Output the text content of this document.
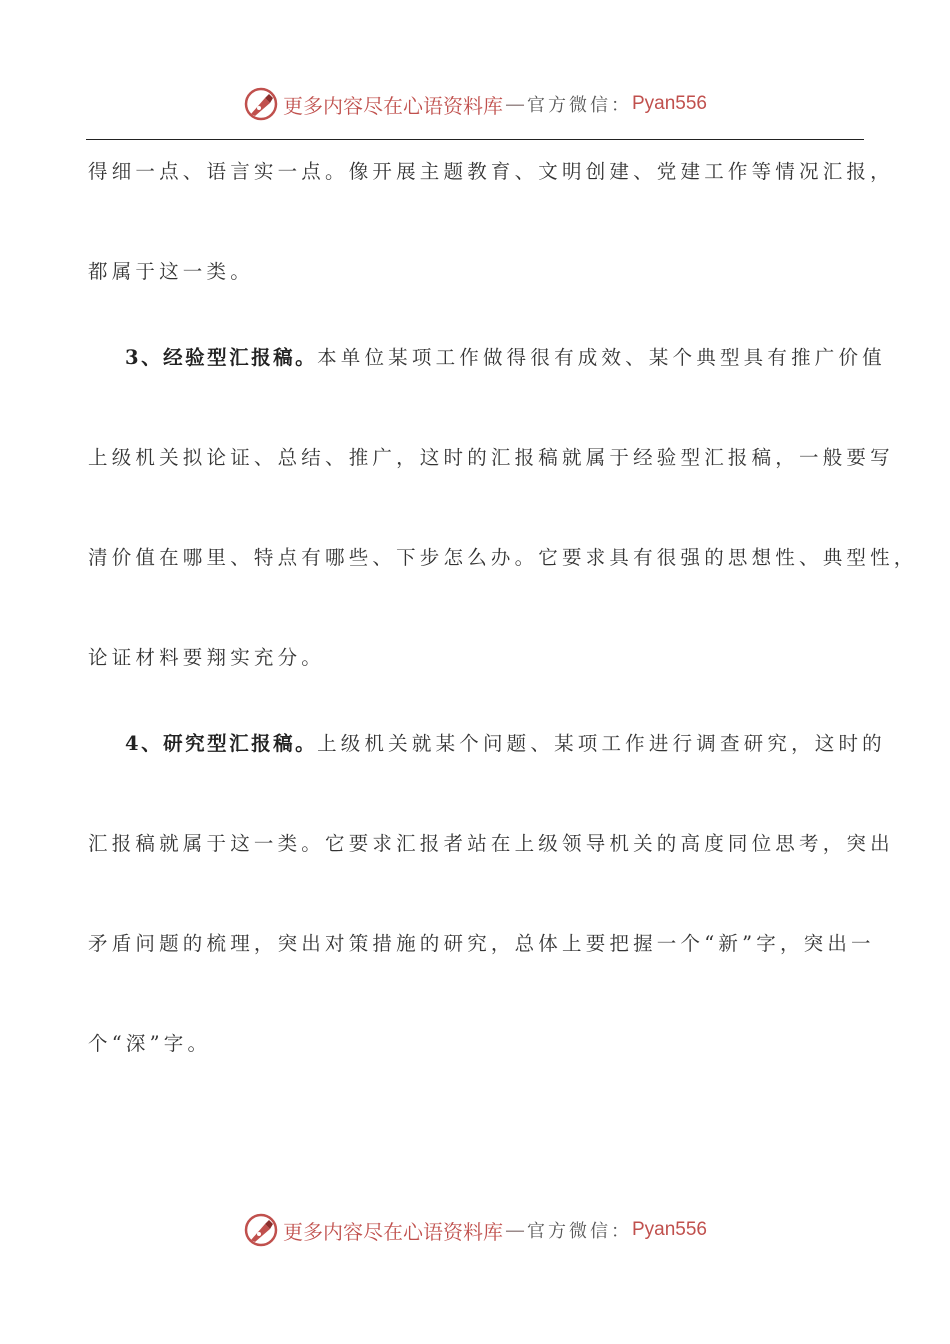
更多内容尽在心语资料库 — 官方微信： Pyan556
得细一点、语言实一点。像开展主题教育、文明创建、党建工作等情况汇报，
都属于这一类。
3、经验型汇报稿。本单位某项工作做得很有成效、某个典型具有推广价值
上级机关拟论证、总结、推广，这时的汇报稿就属于经验型汇报稿，一般要写
清价值在哪里、特点有哪些、下步怎么办。它要求具有很强的思想性、典型性，
论证材料要翔实充分。
4、研究型汇报稿。上级机关就某个问题、某项工作进行调查研究，这时的
汇报稿就属于这一类。它要求汇报者站在上级领导机关的高度同位思考，突出
矛盾问题的梳理，突出对策措施的研究，总体上要把握一个“新”字，突出一
个“深”字。
更多内容尽在心语资料库 — 官方微信： Pyan556
